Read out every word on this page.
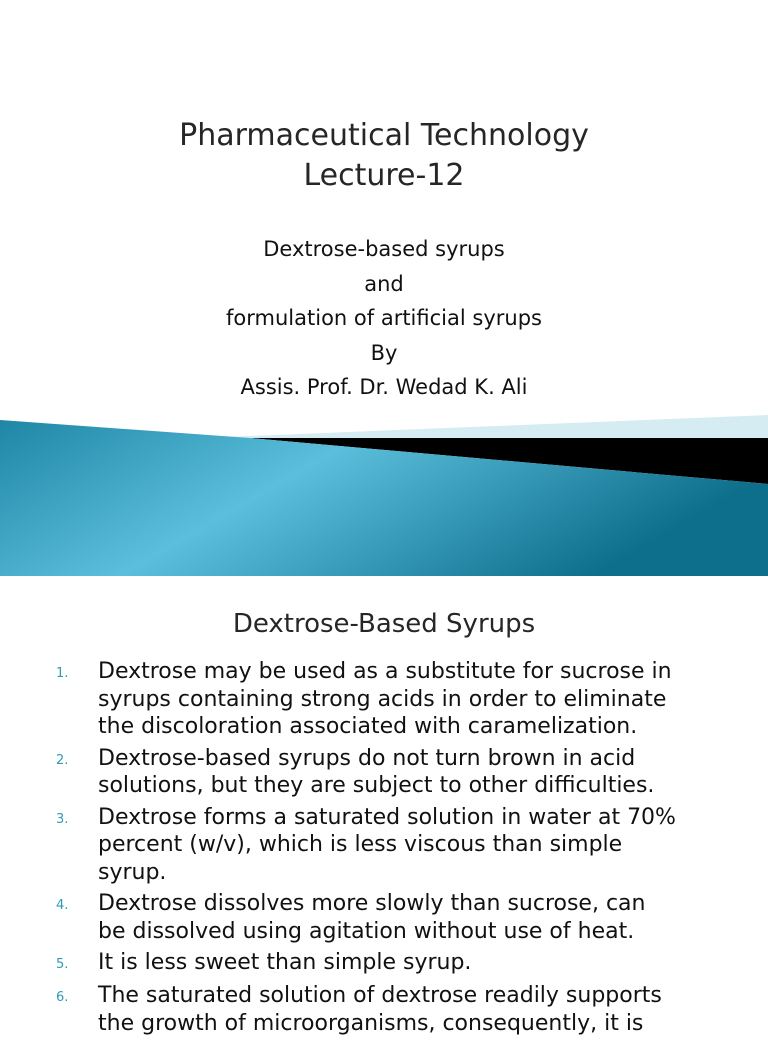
Pharmaceutical Technology
Lecture-12
Dextrose-based syrups
and
formulation of artificial syrups
By
Assis. Prof. Dr. Wedad K. Ali
Dextrose-Based Syrups
1.	Dextrose may be used as a substitute for sucrose in
syrups containing strong acids in order to eliminate
the discoloration associated with caramelization.
2.	Dextrose-based syrups do not turn brown in acid
solutions, but they are subject to other difficulties.
3.	Dextrose forms a saturated solution in water at 70%
percent (w/v), which is less viscous than simple
syrup.
4.	Dextrose dissolves more slowly than sucrose, can
be dissolved using agitation without use of heat.
5.	It is less sweet than simple syrup.
6.	The saturated solution of dextrose readily supports
the growth of microorganisms, consequently, it is
